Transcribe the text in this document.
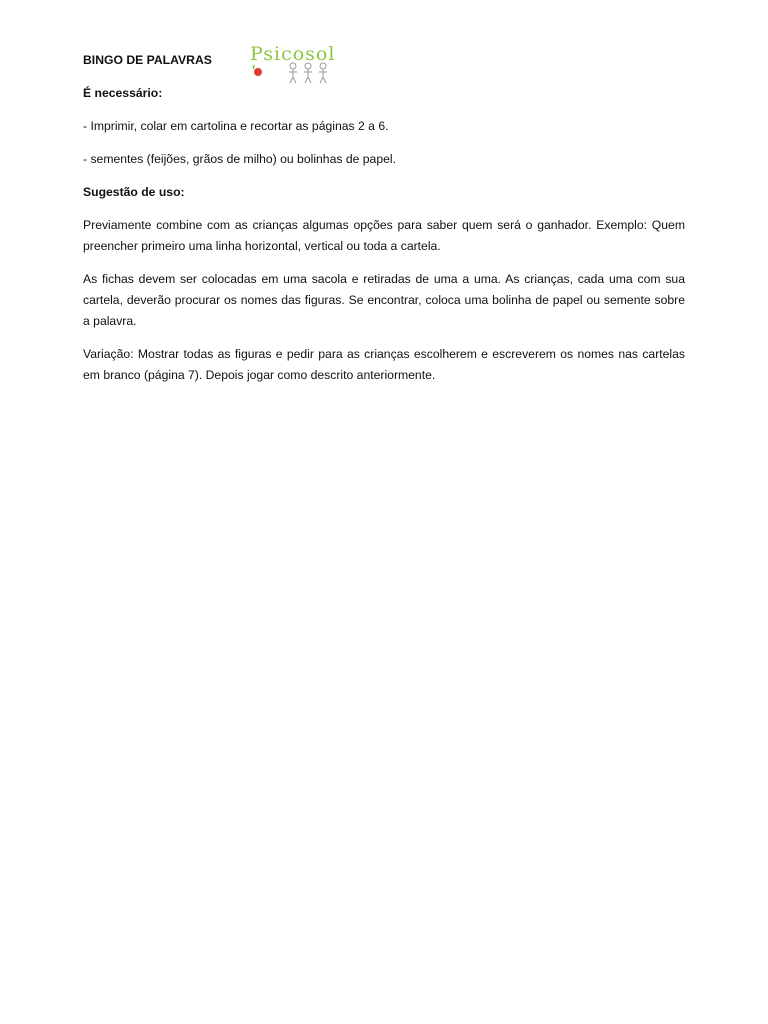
BINGO DE PALAVRAS Psicosol

É necessário:

- Imprimir, colar em cartolina e recortar as páginas 2 a 6.

- sementes (feijões, grãos de milho) ou bolinhas de papel.

Sugestão de uso:

Previamente combine com as crianças algumas opções para saber quem será o ganhador. Exemplo: Quem preencher primeiro uma linha horizontal, vertical ou toda a cartela.

As fichas devem ser colocadas em uma sacola e retiradas de uma a uma. As crianças, cada uma com sua cartela, deverão procurar os nomes das figuras. Se encontrar, coloca uma bolinha de papel ou semente sobre a palavra.

Variação: Mostrar todas as figuras e pedir para as crianças escolherem e escreverem os nomes nas cartelas em branco (página 7). Depois jogar como descrito anteriormente.
